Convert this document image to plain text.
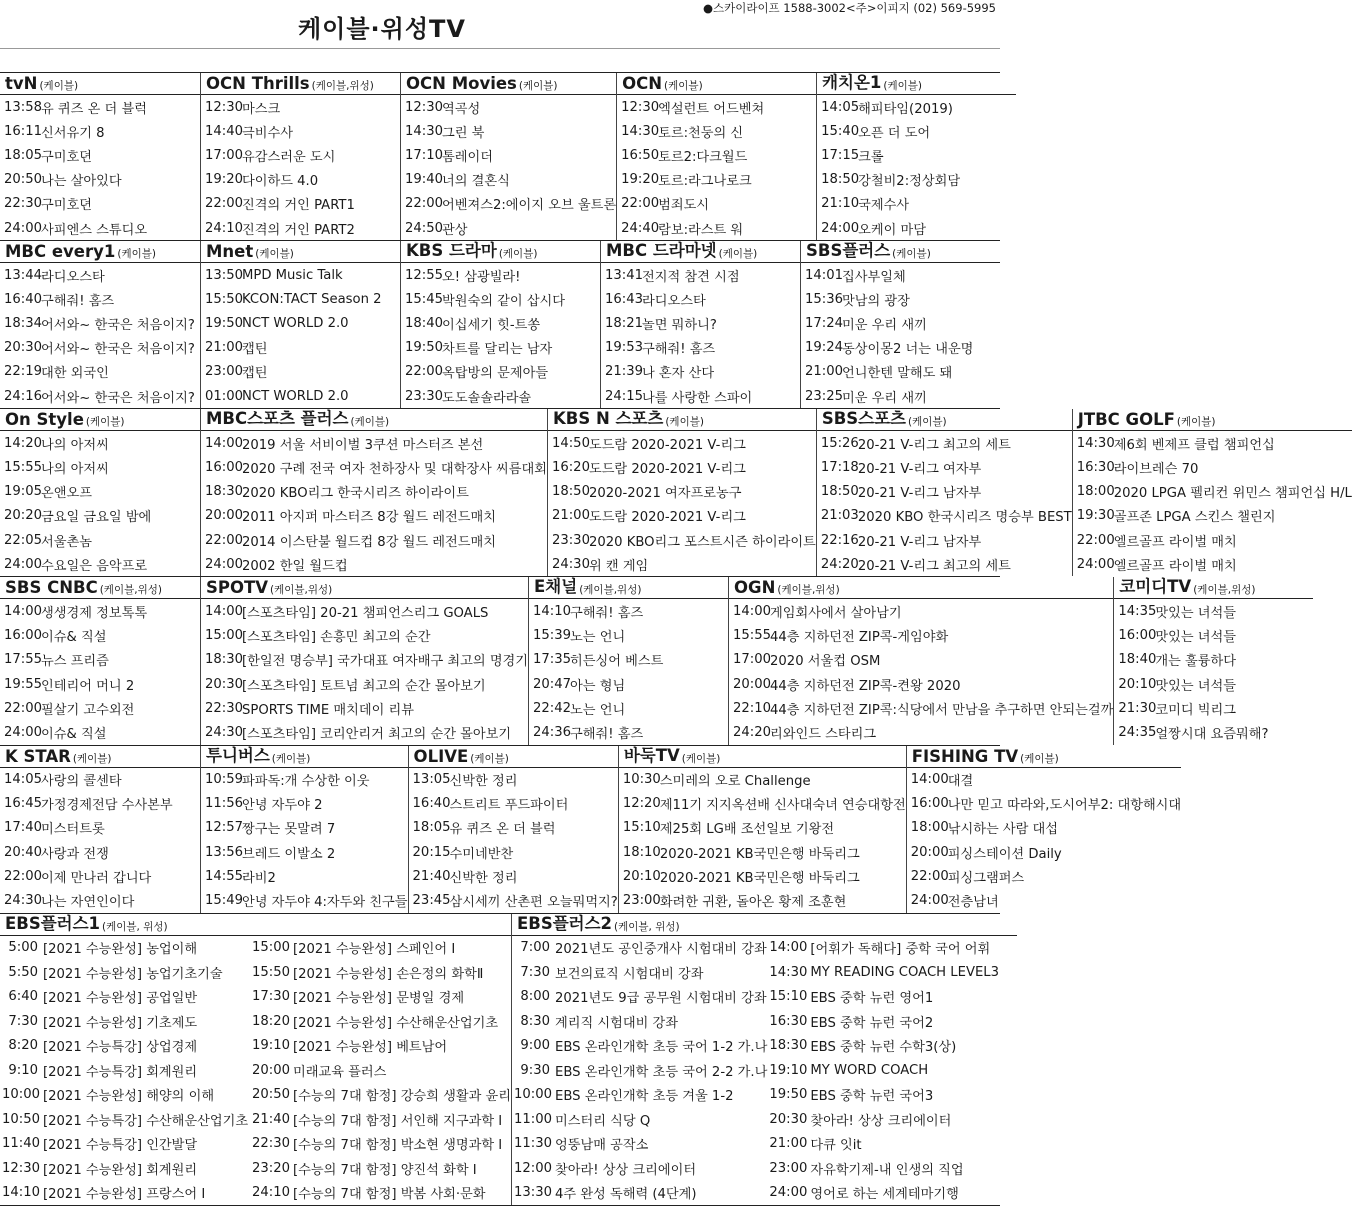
케이블·위성TV
●스카이라이프 1588-3002<주>이피지 (02) 569-5995
tvN (케이블)
13:58
유 퀴즈 온 더 블럭
16:11
신서유기 8
18:05
구미호뎐
20:50
나는 살아있다
22:30
구미호뎐
24:00
사피엔스 스튜디오
OCN Thrills (케이블,위성)
12:30
마스크
14:40
극비수사
17:00
유감스러운 도시
19:20
다이하드 4.0
22:00
진격의 거인 PART1
24:10
진격의 거인 PART2
OCN Movies (케이블)
12:30
역곡성
14:30
그린 북
17:10
톰레이더
19:40
너의 결혼식
22:00
어벤져스2:에이지 오브 울트론
24:50
관상
OCN (케이블)
12:30
엑설런트 어드벤쳐
14:30
토르:천둥의 신
16:50
토르2:다크월드
19:20
토르:라그나로크
22:00
범죄도시
24:40
람보:라스트 워
캐치온1 (케이블)
14:05
해피타임(2019)
15:40
오픈 더 도어
17:15
크롤
18:50
강철비2:정상회담
21:10
국제수사
24:00
오케이 마담
MBC every1 (케이블)
13:44
라디오스타
16:40
구해줘! 홈즈
18:34
어서와~ 한국은 처음이지?
20:30
어서와~ 한국은 처음이지?
22:19
대한 외국인
24:16
어서와~ 한국은 처음이지?
Mnet (케이블)
13:50
MPD Music Talk
15:50
KCON:TACT Season 2
19:50
NCT WORLD 2.0
21:00
캡틴
23:00
캡틴
01:00
NCT WORLD 2.0
KBS 드라마 (케이블)
12:55
오! 삼광빌라!
15:45
박원숙의 같이 삽시다
18:40
이십세기 힛-트쏭
19:50
차트를 달리는 남자
22:00
옥탑방의 문제아들
23:30
도도솔솔라라솔
MBC 드라마넷 (케이블)
13:41
전지적 참견 시점
16:43
라디오스타
18:21
놀면 뭐하니?
19:53
구해줘! 홈즈
21:39
나 혼자 산다
24:15
나를 사랑한 스파이
SBS플러스 (케이블)
14:01
집사부일체
15:36
맛남의 광장
17:24
미운 우리 새끼
19:24
동상이몽2 너는 내운명
21:00
언니한텐 말해도 돼
23:25
미운 우리 새끼
On Style (케이블)
14:20
나의 아저씨
15:55
나의 아저씨
19:05
온앤오프
20:20
금요일 금요일 밤에
22:05
서울촌놈
24:00
수요일은 음악프로
MBC스포츠 플러스 (케이블)
14:00
2019 서울 서비이벌 3쿠션 마스터즈 본선
16:00
2020 구례 전국 여자 천하장사 및 대학장사 씨름대회
18:30
2020 KBO리그 한국시리즈 하이라이트
20:00
2011 아지퍼 마스터즈 8강 월드 레전드매치
22:00
2014 이스탄불 월드컵 8강 월드 레전드매치
24:00
2002 한일 월드컵
KBS N 스포츠 (케이블)
14:50
도드람 2020-2021 V-리그
16:20
도드람 2020-2021 V-리그
18:50
2020-2021 여자프로농구
21:00
도드람 2020-2021 V-리그
23:30
2020 KBO리그 포스트시즌 하이라이트
24:30
위 캔 게임
SBS스포츠 (케이블)
15:26
20-21 V-리그 최고의 세트
17:18
20-21 V-리그 여자부
18:50
20-21 V-리그 남자부
21:03
2020 KBO 한국시리즈 명승부 BEST
22:16
20-21 V-리그 남자부
24:20
20-21 V-리그 최고의 세트
JTBC GOLF (케이블)
14:30
제6회 벤제프 클럽 챔피언십
16:30
라이브레슨 70
18:00
2020 LPGA 펠리컨 위민스 챔피언십 H/L
19:30
골프존 LPGA 스킨스 챌린지
22:00
엘르골프 라이벌 매치
24:00
엘르골프 라이벌 매치
SBS CNBC (케이블,위성)
14:00
생생경제 정보톡톡
16:00
이슈& 직설
17:55
뉴스 프리즘
19:55
인테리어 머니 2
22:00
필살기 고수외전
24:00
이슈& 직설
SPOTV (케이블,위성)
14:00
[스포츠타임] 20-21 챔피언스리그 GOALS
15:00
[스포츠타임] 손흥민 최고의 순간
18:30
[한일전 명승부] 국가대표 여자배구 최고의 명경기
20:30
[스포츠타임] 토트넘 최고의 순간 몰아보기
22:30
SPORTS TIME 매치데이 리뷰
24:30
[스포츠타임] 코리안리거 최고의 순간 몰아보기
E채널 (케이블,위성)
14:10
구해줘! 홈즈
15:39
노는 언니
17:35
히든싱어 베스트
20:47
아는 형님
22:42
노는 언니
24:36
구해줘! 홈즈
OGN (케이블,위성)
14:00
게임회사에서 살아남기
15:55
44층 지하던전 ZIP콕-게임야화
17:00
2020 서울컵 OSM
20:00
44층 지하던전 ZIP콕-켠왕 2020
22:10
44층 지하던전 ZIP콕:식당에서 만남을 추구하면 안되는걸까
24:20
리와인드 스타리그
코미디TV (케이블,위성)
14:35
맛있는 녀석들
16:00
맛있는 녀석들
18:40
개는 훌륭하다
20:10
맛있는 녀석들
21:30
코미디 빅리그
24:35
얼짱시대 요즘뭐해?
K STAR (케이블)
14:05
사랑의 콜센타
16:45
가정경제전담 수사본부
17:40
미스터트롯
20:40
사랑과 전쟁
22:00
이제 만나러 갑니다
24:30
나는 자연인이다
투니버스 (케이블)
10:59
파파독:개 수상한 이웃
11:56
안녕 자두야 2
12:57
짱구는 못말려 7
13:56
브레드 이발소 2
14:55
라비2
15:49
안녕 자두야 4:자두와 친구들
OLIVE (케이블)
13:05
신박한 정리
16:40
스트리트 푸드파이터
18:05
유 퀴즈 온 더 블럭
20:15
수미네반찬
21:40
신박한 정리
23:45
삼시세끼 산촌편 오늘뭐먹지?
바둑TV (케이블)
10:30
스미레의 오로 Challenge
12:20
제11기 지지옥션배 신사대숙녀 연승대항전
15:10
제25회 LG배 조선일보 기왕전
18:10
2020-2021 KB국민은행 바둑리그
20:10
2020-2021 KB국민은행 바둑리그
23:00
화려한 귀환, 돌아온 황제 조훈현
FISHING TV (케이블)
14:00
대결
16:00
나만 믿고 따라와,도시어부2: 대항해시대
18:00
낚시하는 사람 대섭
20:00
피싱스테이션 Daily
22:00
피싱그램퍼스
24:00
전층남녀
EBS플러스1 (케이블, 위성)
5:00 [2021 수능완성] 농업이해
5:50 [2021 수능완성] 농업기초기술
6:40 [2021 수능완성] 공업일반
7:30 [2021 수능완성] 기초제도
8:20 [2021 수능특강] 상업경제
9:10 [2021 수능특강] 회계원리
10:00 [2021 수능완성] 해양의 이해
10:50 [2021 수능특강] 수산해운산업기초
11:40 [2021 수능특강] 인간발달
12:30 [2021 수능완성] 회계원리
14:10 [2021 수능완성] 프랑스어 I
15:00 [2021 수능완성] 스페인어 I
15:50 [2021 수능완성] 손은정의 화학Ⅱ
17:30 [2021 수능완성] 문병일 경제
18:20 [2021 수능완성] 수산해운산업기초
19:10 [2021 수능완성] 베트남어
20:00 미래교육 플러스
20:50 [수능의 7대 함정] 강승희 생활과 윤리
21:40 [수능의 7대 함정] 서인해 지구과학 I
22:30 [수능의 7대 함정] 박소현 생명과학 I
23:20 [수능의 7대 함정] 양진석 화학 I
24:10 [수능의 7대 함정] 박봄 사회·문화
EBS플러스2 (케이블, 위성)
7:00 2021년도 공인중개사 시험대비 강좌
7:30 보건의료직 시험대비 강좌
8:00 2021년도 9급 공무원 시험대비 강좌
8:30 계리직 시험대비 강좌
9:00 EBS 온라인개학 초등 국어 1-2 가.나
9:30 EBS 온라인개학 초등 국어 2-2 가.나
10:00 EBS 온라인개학 초등 겨울 1-2
11:00 미스터리 식당 Q
11:30 엉뚱남매 공작소
12:00 찾아라! 상상 크리에이터
13:30 4주 완성 독해력 (4단계)
14:00 [어휘가 독해다] 중학 국어 어휘
14:30 MY READING COACH LEVEL3
15:10 EBS 중학 뉴런 영어1
16:30 EBS 중학 뉴런 국어2
18:30 EBS 중학 뉴런 수학3(상)
19:10 MY WORD COACH
19:50 EBS 중학 뉴런 국어3
20:30 찾아라! 상상 크리에이터
21:00 다큐 잇it
23:00 자유학기제-내 인생의 직업
24:00 영어로 하는 세계테마기행
